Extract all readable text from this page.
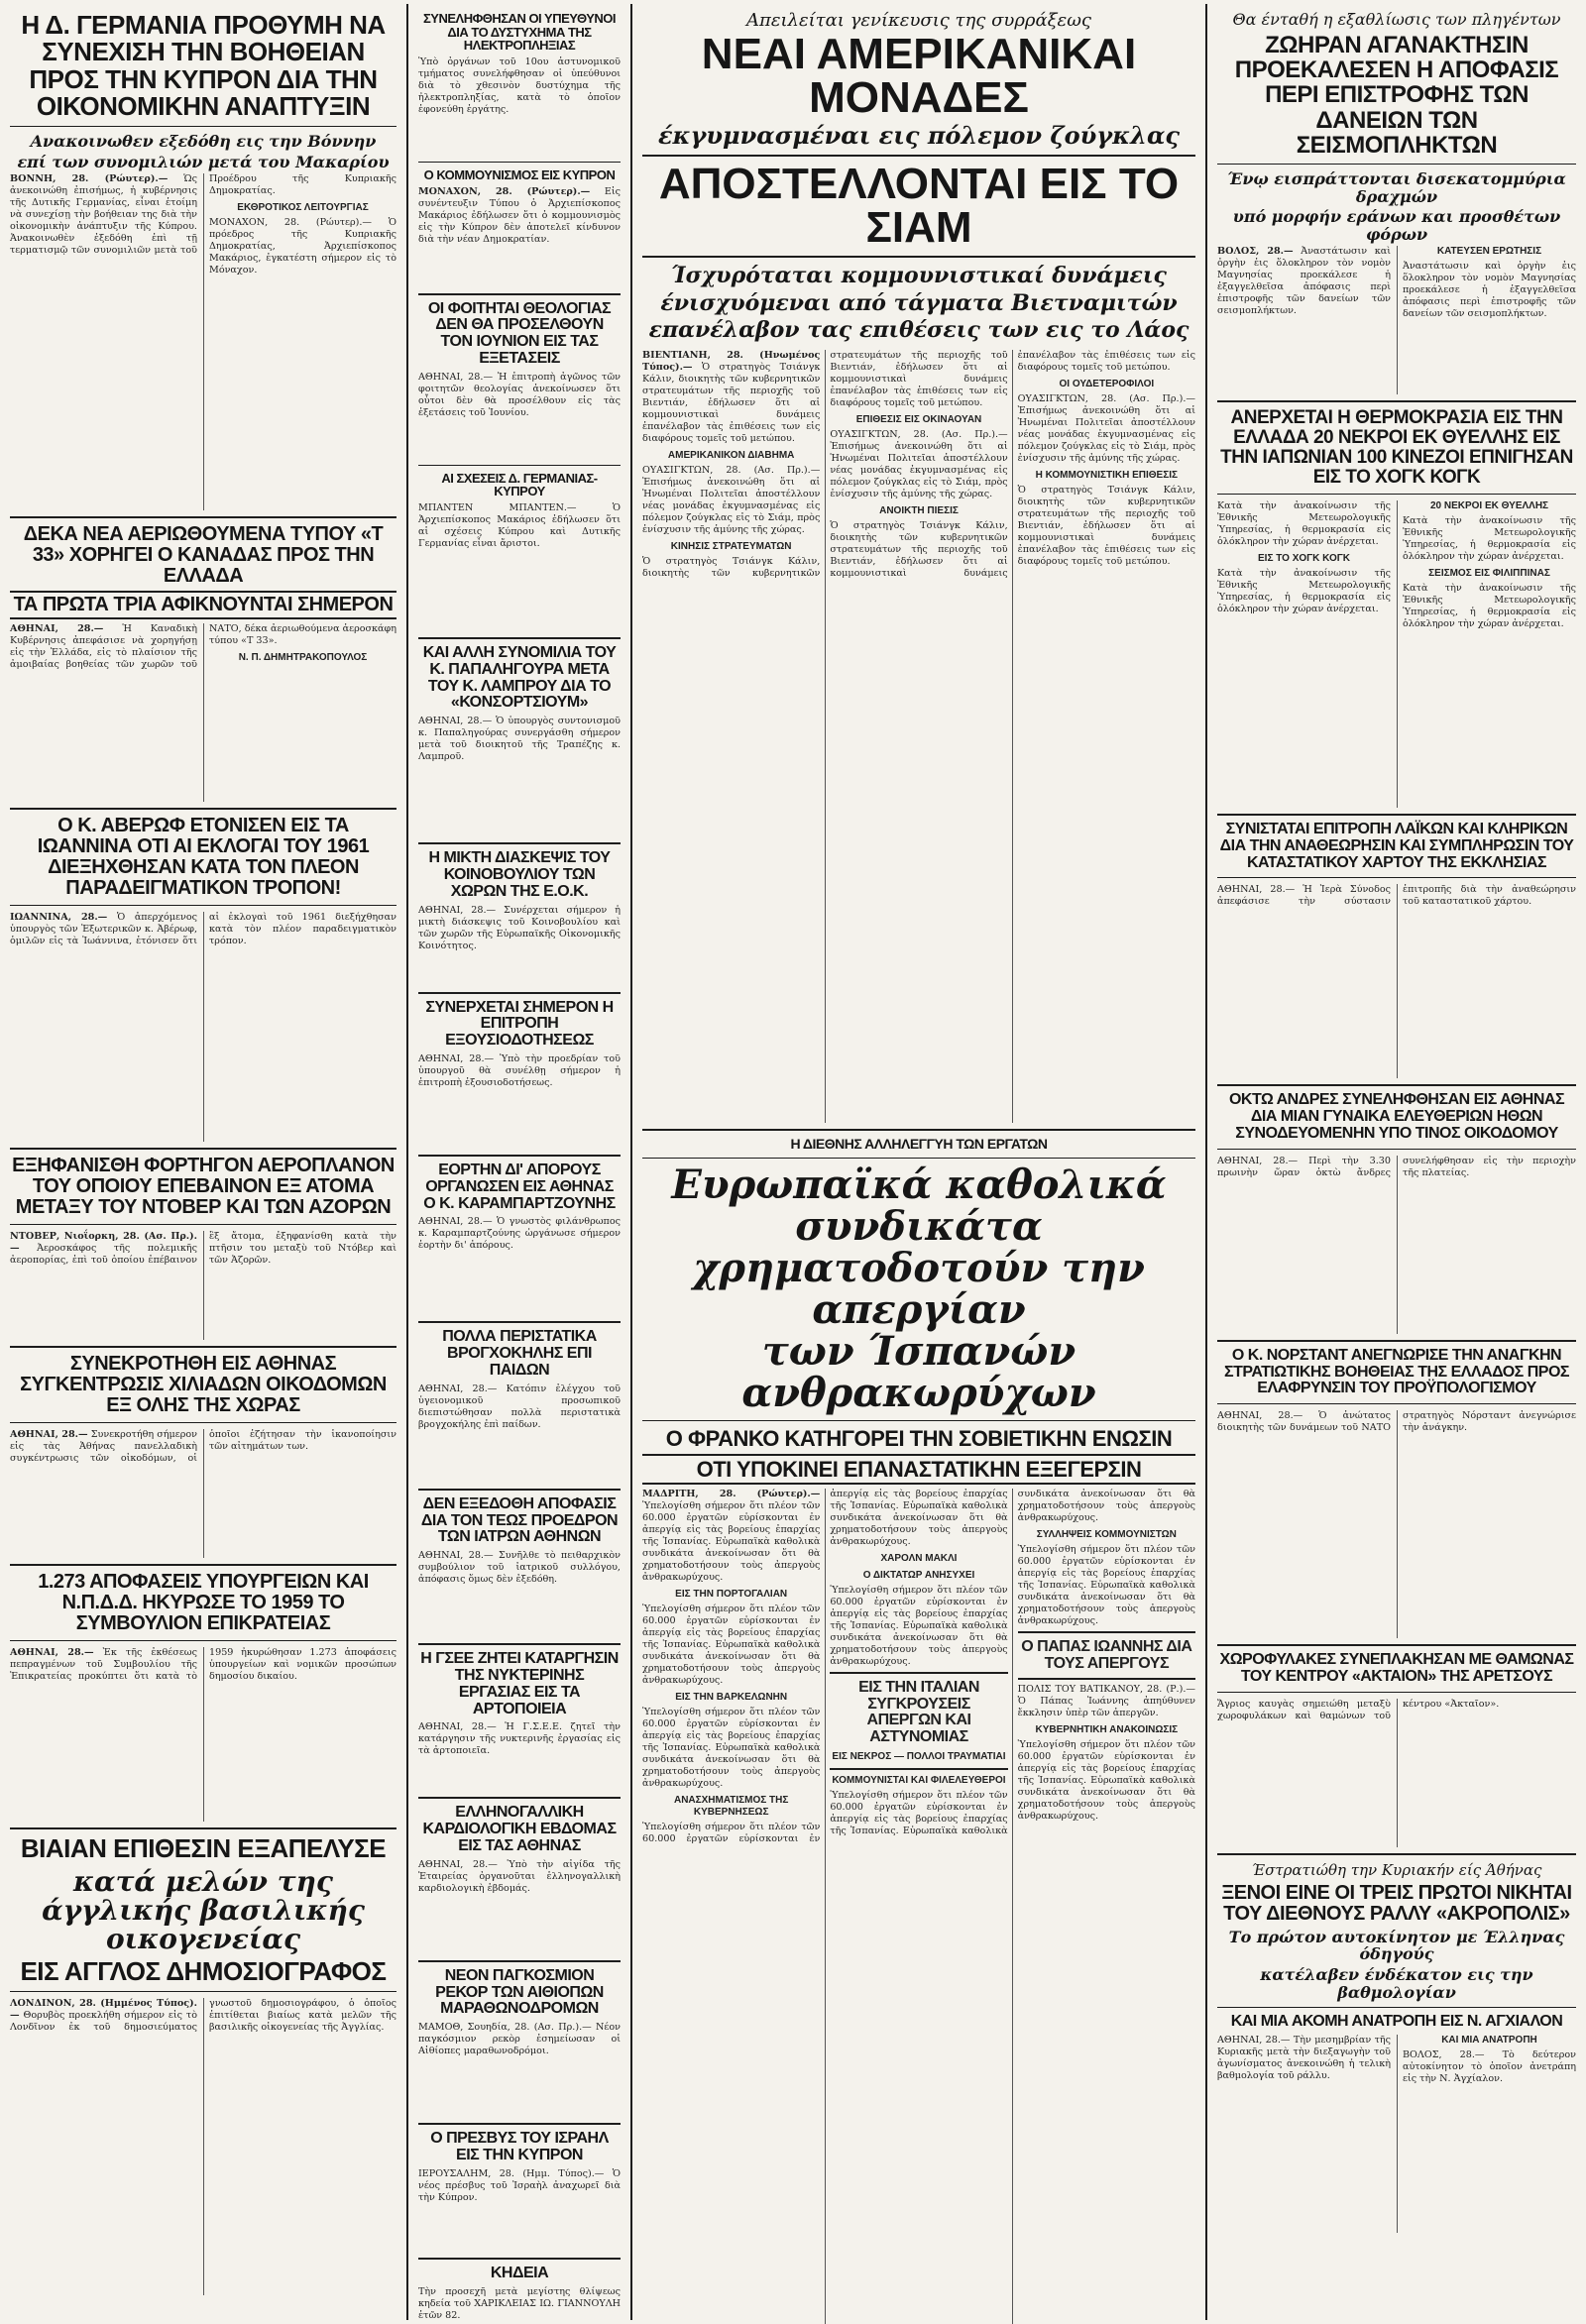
Η Δ. ΓΕΡΜΑΝΙΑ ΠΡΟΘΥΜΗ ΝΑ ΣΥΝΕΧΙΣΗ ΤΗΝ ΒΟΗΘΕΙΑΝ ΠΡΟΣ ΤΗΝ ΚΥΠΡΟΝ ΔΙΑ ΤΗΝ ΟΙΚΟΝΟΜΙΚΗΝ ΑΝΑΠΤΥΞΙΝ
Ανακοινωθεν εξεδόθη εις την Βόννην
επί των συνομιλιών μετά του Μακαρίου
ΒΟΝΝΗ, 28. (Ρώυτερ).— Ὡς ἀνεκοινώθη ἐπισήμως, ἡ κυβέρνησις τῆς Δυτικῆς Γερμανίας, εἶναι ἑτοίμη νὰ συνεχίσῃ τὴν βοήθειαν της διὰ τὴν οἰκονομικὴν ἀνάπτυξιν τῆς Κύπρου. Ἀνακοινωθὲν ἐξεδόθη ἐπὶ τῇ τερματισμῷ τῶν συνομιλιῶν μετὰ τοῦ Προέδρου τῆς Κυπριακῆς Δημοκρατίας.
ΕΚΘΡΟΤΙΚΟΣ ΛΕΙΤΟΥΡΓΙΑΣ
ΜΟΝΑΧΟΝ, 28. (Ρώυτερ).— Ὁ πρόεδρος τῆς Κυπριακῆς Δημοκρατίας, Ἀρχιεπίσκοπος Μακάριος, ἐγκατέστη σήμερον εἰς τὸ Μόναχον.
ΔΕΚΑ ΝΕΑ ΑΕΡΙΩΘΟΥΜΕΝΑ ΤΥΠΟΥ «Τ 33» ΧΟΡΗΓΕΙ Ο ΚΑΝΑΔΑΣ ΠΡΟΣ ΤΗΝ ΕΛΛΑΔΑ
ΤΑ ΠΡΩΤΑ ΤΡΙΑ ΑΦΙΚΝΟΥΝΤΑΙ ΣΗΜΕΡΟΝ
ΑΘΗΝΑΙ, 28.— Ἡ Καναδικὴ Κυβέρνησις ἀπεφάσισε νὰ χορηγήσῃ εἰς τὴν Ἑλλάδα, εἰς τὸ πλαίσιον τῆς ἀμοιβαίας βοηθείας τῶν χωρῶν τοῦ ΝΑΤΟ, δέκα ἀεριωθούμενα ἀεροσκάφη τύπου «Τ 33».
Ν. Π. ΔΗΜΗΤΡΑΚΟΠΟΥΛΟΣ
Ο Κ. ΑΒΕΡΩΦ ΕΤΟΝΙΣΕΝ ΕΙΣ ΤΑ ΙΩΑΝΝΙΝΑ ΟΤΙ ΑΙ ΕΚΛΟΓΑΙ ΤΟΥ 1961 ΔΙΕΞΗΧΘΗΣΑΝ ΚΑΤΑ ΤΟΝ ΠΛΕΟΝ ΠΑΡΑΔΕΙΓΜΑΤΙΚΟΝ ΤΡΟΠΟΝ!
ΙΩΑΝΝΙΝΑ, 28.— Ὁ ἀπερχόμενος ὑπουργὸς τῶν Ἐξωτερικῶν κ. Ἀβέρωφ, ὁμιλῶν εἰς τὰ Ἰωάννινα, ἐτόνισεν ὅτι αἱ ἐκλογαὶ τοῦ 1961 διεξήχθησαν κατὰ τὸν πλέον παραδειγματικὸν τρόπον.
ΕΞΗΦΑΝΙΣΘΗ ΦΟΡΤΗΓΟΝ ΑΕΡΟΠΛΑΝΟΝ ΤΟΥ ΟΠΟΙΟΥ ΕΠΕΒΑΙΝΟΝ ΕΞ ΑΤΟΜΑ ΜΕΤΑΞΥ ΤΟΥ ΝΤΟΒΕΡ ΚΑΙ ΤΩΝ ΑΖΟΡΩΝ
ΝΤΟΒΕΡ, Νιοΐορκη, 28. (Ασ. Πρ.).— Ἀεροσκάφος τῆς πολεμικῆς ἀεροπορίας, ἐπὶ τοῦ ὁποίου ἐπέβαινον ἓξ ἄτομα, ἐξηφανίσθη κατὰ τὴν πτῆσιν του μεταξὺ τοῦ Ντόβερ καὶ τῶν Ἀζορῶν.
ΣΥΝΕΚΡΟΤΗΘΗ ΕΙΣ ΑΘΗΝΑΣ ΣΥΓΚΕΝΤΡΩΣΙΣ ΧΙΛΙΑΔΩΝ ΟΙΚΟΔΟΜΩΝ ΕΞ ΟΛΗΣ ΤΗΣ ΧΩΡΑΣ
ΑΘΗΝΑΙ, 28.— Συνεκροτήθη σήμερον εἰς τὰς Ἀθήνας πανελλαδικὴ συγκέντρωσις τῶν οἰκοδόμων, οἱ ὁποῖοι ἐζήτησαν τὴν ἱκανοποίησιν τῶν αἰτημάτων των.
1.273 ΑΠΟΦΑΣΕΙΣ ΥΠΟΥΡΓΕΙΩΝ ΚΑΙ Ν.Π.Δ.Δ. ΗΚΥΡΩΣΕ ΤΟ 1959 ΤΟ ΣΥΜΒΟΥΛΙΟΝ ΕΠΙΚΡΑΤΕΙΑΣ
ΑΘΗΝΑΙ, 28.— Ἐκ τῆς ἐκθέσεως πεπραγμένων τοῦ Συμβουλίου τῆς Ἐπικρατείας προκύπτει ὅτι κατὰ τὸ 1959 ἠκυρώθησαν 1.273 ἀποφάσεις ὑπουργείων καὶ νομικῶν προσώπων δημοσίου δικαίου.
ΒΙΑΙΑΝ ΕΠΙΘΕΣΙΝ ΕΞΑΠΕΛΥΣΕ
κατά μελών της άγγλικής βασιλικής οικογενείας
ΕΙΣ ΑΓΓΛΟΣ ΔΗΜΟΣΙΟΓΡΑΦΟΣ
ΛΟΝΔΙΝΟΝ, 28. (Ημμένος Τύπος).— Θορυβὸς προεκλήθη σήμερον εἰς τὸ Λονδῖνον ἐκ τοῦ δημοσιεύματος γνωστοῦ δημοσιογράφου, ὁ ὁποῖος ἐπιτίθεται βιαίως κατὰ μελῶν τῆς βασιλικῆς οἰκογενείας τῆς Ἀγγλίας.
ΣΥΝΕΛΗΦΘΗΣΑΝ ΟΙ ΥΠΕΥΘΥΝΟΙ ΔΙΑ ΤΟ ΔΥΣΤΥΧΗΜΑ ΤΗΣ ΗΛΕΚΤΡΟΠΛΗΞΙΑΣ
Ὑπὸ ὀργάνων τοῦ 10ου ἀστυνομικοῦ τμήματος συνελήφθησαν οἱ ὑπεύθυνοι διὰ τὸ χθεσινὸν δυστύχημα τῆς ἠλεκτροπληξίας, κατὰ τὸ ὁποῖον ἐφονεύθη ἐργάτης.
Ο ΚΟΜΜΟΥΝΙΣΜΟΣ ΕΙΣ ΚΥΠΡΟΝ
ΜΟΝΑΧΟΝ, 28. (Ρώυτερ).— Εἰς συνέντευξιν Τύπου ὁ Ἀρχιεπίσκοπος Μακάριος ἐδήλωσεν ὅτι ὁ κομμουνισμὸς εἰς τὴν Κύπρον δὲν ἀποτελεῖ κίνδυνον διὰ τὴν νέαν Δημοκρατίαν.
ΟΙ ΦΟΙΤΗΤΑΙ ΘΕΟΛΟΓΙΑΣ ΔΕΝ ΘΑ ΠΡΟΣΕΛΘΟΥΝ ΤΟΝ ΙΟΥΝΙΟΝ ΕΙΣ ΤΑΣ ΕΞΕΤΑΣΕΙΣ
ΑΘΗΝΑΙ, 28.— Ἡ ἐπιτροπὴ ἀγῶνος τῶν φοιτητῶν θεολογίας ἀνεκοίνωσεν ὅτι οὗτοι δὲν θὰ προσέλθουν εἰς τὰς ἐξετάσεις τοῦ Ἰουνίου.
ΑΙ ΣΧΕΣΕΙΣ Δ. ΓΕΡΜΑΝΙΑΣ-ΚΥΠΡΟΥ
ΜΠΑΝΤΕΝ ΜΠΑΝΤΕΝ.— Ὁ Ἀρχιεπίσκοπος Μακάριος ἐδήλωσεν ὅτι αἱ σχέσεις Κύπρου καὶ Δυτικῆς Γερμανίας εἶναι ἄριστοι.
ΚΑΙ ΑΛΛΗ ΣΥΝΟΜΙΛΙΑ ΤΟΥ Κ. ΠΑΠΑΛΗΓΟΥΡΑ ΜΕΤΑ ΤΟΥ Κ. ΛΑΜΠΡΟΥ ΔΙΑ ΤΟ «ΚΟΝΣΟΡΤΣΙΟΥΜ»
ΑΘΗΝΑΙ, 28.— Ὁ ὑπουργὸς συντονισμοῦ κ. Παπαληγούρας συνεργάσθη σήμερον μετὰ τοῦ διοικητοῦ τῆς Τραπέζης κ. Λαμπροῦ.
Η ΜΙΚΤΗ ΔΙΑΣΚΕΨΙΣ ΤΟΥ ΚΟΙΝΟΒΟΥΛΙΟΥ ΤΩΝ ΧΩΡΩΝ ΤΗΣ Ε.Ο.Κ.
ΑΘΗΝΑΙ, 28.— Συνέρχεται σήμερον ἡ μικτὴ διάσκεψις τοῦ Κοινοβουλίου καὶ τῶν χωρῶν τῆς Εὐρωπαϊκῆς Οἰκονομικῆς Κοινότητος.
ΣΥΝΕΡΧΕΤΑΙ ΣΗΜΕΡΟΝ Η ΕΠΙΤΡΟΠΗ ΕΞΟΥΣΙΟΔΟΤΗΣΕΩΣ
ΑΘΗΝΑΙ, 28.— Ὑπὸ τὴν προεδρίαν τοῦ ὑπουργοῦ θὰ συνέλθῃ σήμερον ἡ ἐπιτροπὴ ἐξουσιοδοτήσεως.
ΕΟΡΤΗΝ ΔΙ' ΑΠΟΡΟΥΣ ΟΡΓΑΝΩΣΕΝ ΕΙΣ ΑΘΗΝΑΣ Ο Κ. ΚΑΡΑΜΠΑΡΤΖΟΥΝΗΣ
ΑΘΗΝΑΙ, 28.— Ὁ γνωστὸς φιλάνθρωπος κ. Καραμπαρτζούνης ὠργάνωσε σήμερον ἑορτὴν δι' ἀπόρους.
ΠΟΛΛΑ ΠΕΡΙΣΤΑΤΙΚΑ ΒΡΟΓΧΟΚΗΛΗΣ ΕΠΙ ΠΑΙΔΩΝ
ΑΘΗΝΑΙ, 28.— Κατόπιν ἐλέγχου τοῦ ὑγειονομικοῦ προσωπικοῦ διεπιστώθησαν πολλὰ περιστατικὰ βρογχοκήλης ἐπὶ παίδων.
ΔΕΝ ΕΞΕΔΟΘΗ ΑΠΟΦΑΣΙΣ ΔΙΑ ΤΟΝ ΤΕΩΣ ΠΡΟΕΔΡΟΝ ΤΩΝ ΙΑΤΡΩΝ ΑΘΗΝΩΝ
ΑΘΗΝΑΙ, 28.— Συνῆλθε τὸ πειθαρχικὸν συμβούλιον τοῦ ἰατρικοῦ συλλόγου, ἀπόφασις ὅμως δὲν ἐξεδόθη.
Η ΓΣΕΕ ΖΗΤΕΙ ΚΑΤΑΡΓΗΣΙΝ ΤΗΣ ΝΥΚΤΕΡΙΝΗΣ ΕΡΓΑΣΙΑΣ ΕΙΣ ΤΑ ΑΡΤΟΠΟΙΕΙΑ
ΑΘΗΝΑΙ, 28.— Ἡ Γ.Σ.Ε.Ε. ζητεῖ τὴν κατάργησιν τῆς νυκτερινῆς ἐργασίας εἰς τὰ ἀρτοποιεῖα.
ΕΛΛΗΝΟΓΑΛΛΙΚΗ ΚΑΡΔΙΟΛΟΓΙΚΗ ΕΒΔΟΜΑΣ ΕΙΣ ΤΑΣ ΑΘΗΝΑΣ
ΑΘΗΝΑΙ, 28.— Ὑπὸ τὴν αἰγίδα τῆς Ἑταιρείας ὀργανοῦται ἑλληνογαλλικὴ καρδιολογικὴ ἑβδομάς.
ΝΕΟΝ ΠΑΓΚΟΣΜΙΟΝ ΡΕΚΟΡ ΤΩΝ ΑΙΘΙΟΠΩΝ ΜΑΡΑΘΩΝΟΔΡΟΜΩΝ
ΜΑΜΟΘ, Σουηδία, 28. (Ασ. Πρ.).— Νέον παγκόσμιον ρεκὸρ ἐσημείωσαν οἱ Αἰθίοπες μαραθωνοδρόμοι.
Ο ΠΡΕΣΒΥΣ ΤΟΥ ΙΣΡΑΗΛ ΕΙΣ ΤΗΝ ΚΥΠΡΟΝ
ΙΕΡΟΥΣΑΛΗΜ, 28. (Ημμ. Τύπος).— Ὁ νέος πρέσβυς τοῦ Ἰσραὴλ ἀναχωρεῖ διὰ τὴν Κύπρον.
ΚΗΔΕΙΑ
Τὴν προσεχῆ μετὰ μεγίστης θλίψεως κηδεία τοῦ ΧΑΡΙΚΛΕΙΑΣ ΙΩ. ΓΙΑΝΝΟΥΛΗ ἐτῶν 82.
Απειλείται γενίκευσις της συρράξεως
ΝΕΑΙ ΑΜΕΡΙΚΑΝΙΚΑΙ ΜΟΝΑΔΕΣ
έκγυμνασμέναι εις πόλεμον ζούγκλας
ΑΠΟΣΤΕΛΛΟΝΤΑΙ ΕΙΣ ΤΟ ΣΙΑΜ
Ίσχυρόταται κομμουνιστικαί δυνάμεις
ένισχυόμεναι από τάγματα Βιετναμιτών
επανέλαβον τας επιθέσεις των εις το Λάος
ΒΙΕΝΤΙΑΝΗ, 28. (Ηνωμένος Τύπος).— Ὁ στρατηγὸς Τσιάνγκ Κάλιν, διοικητὴς τῶν κυβερνητικῶν στρατευμάτων τῆς περιοχῆς τοῦ Βιεντιάν, ἐδήλωσεν ὅτι αἱ κομμουνιστικαὶ δυνάμεις ἐπανέλαβον τὰς ἐπιθέσεις των εἰς διαφόρους τομεῖς τοῦ μετώπου.
ΑΜΕΡΙΚΑΝΙΚΟΝ ΔΙΑΒΗΜΑ
ΟΥΑΣΙΓΚΤΩΝ, 28. (Ασ. Πρ.).— Ἐπισήμως ἀνεκοινώθη ὅτι αἱ Ἡνωμέναι Πολιτεῖαι ἀποστέλλουν νέας μονάδας ἐκγυμνασμένας εἰς πόλεμον ζούγκλας εἰς τὸ Σιάμ, πρὸς ἐνίσχυσιν τῆς ἀμύνης τῆς χώρας.
ΚΙΝΗΣΙΣ ΣΤΡΑΤΕΥΜΑΤΩΝ
Ὁ στρατηγὸς Τσιάνγκ Κάλιν, διοικητὴς τῶν κυβερνητικῶν στρατευμάτων τῆς περιοχῆς τοῦ Βιεντιάν, ἐδήλωσεν ὅτι αἱ κομμουνιστικαὶ δυνάμεις ἐπανέλαβον τὰς ἐπιθέσεις των εἰς διαφόρους τομεῖς τοῦ μετώπου.
ΕΠΙΘΕΣΙΣ ΕΙΣ ΟΚΙΝΑΟΥΑΝ
ΟΥΑΣΙΓΚΤΩΝ, 28. (Ασ. Πρ.).— Ἐπισήμως ἀνεκοινώθη ὅτι αἱ Ἡνωμέναι Πολιτεῖαι ἀποστέλλουν νέας μονάδας ἐκγυμνασμένας εἰς πόλεμον ζούγκλας εἰς τὸ Σιάμ, πρὸς ἐνίσχυσιν τῆς ἀμύνης τῆς χώρας.
ΑΝΟΙΚΤΗ ΠΙΕΣΙΣ
Ὁ στρατηγὸς Τσιάνγκ Κάλιν, διοικητὴς τῶν κυβερνητικῶν στρατευμάτων τῆς περιοχῆς τοῦ Βιεντιάν, ἐδήλωσεν ὅτι αἱ κομμουνιστικαὶ δυνάμεις ἐπανέλαβον τὰς ἐπιθέσεις των εἰς διαφόρους τομεῖς τοῦ μετώπου.
ΟΙ ΟΥΔΕΤΕΡΟΦΙΛΟΙ
ΟΥΑΣΙΓΚΤΩΝ, 28. (Ασ. Πρ.).— Ἐπισήμως ἀνεκοινώθη ὅτι αἱ Ἡνωμέναι Πολιτεῖαι ἀποστέλλουν νέας μονάδας ἐκγυμνασμένας εἰς πόλεμον ζούγκλας εἰς τὸ Σιάμ, πρὸς ἐνίσχυσιν τῆς ἀμύνης τῆς χώρας.
Η ΚΟΜΜΟΥΝΙΣΤΙΚΗ ΕΠΙΘΕΣΙΣ
Ὁ στρατηγὸς Τσιάνγκ Κάλιν, διοικητὴς τῶν κυβερνητικῶν στρατευμάτων τῆς περιοχῆς τοῦ Βιεντιάν, ἐδήλωσεν ὅτι αἱ κομμουνιστικαὶ δυνάμεις ἐπανέλαβον τὰς ἐπιθέσεις των εἰς διαφόρους τομεῖς τοῦ μετώπου.
Η ΔΙΕΘΝΗΣ ΑΛΛΗΛΕΓΓΥΗ ΤΩΝ ΕΡΓΑΤΩΝ
Ευρωπαϊκά καθολικά συνδικάτα
χρηματοδοτούν την απεργίαν
των Ίσπανών ανθρακωρύχων
Ο ΦΡΑΝΚΟ ΚΑΤΗΓΟΡΕΙ ΤΗΝ ΣΟΒΙΕΤΙΚΗΝ ΕΝΩΣΙΝ
ΟΤΙ ΥΠΟΚΙΝΕΙ ΕΠΑΝΑΣΤΑΤΙΚΗΝ ΕΞΕΓΕΡΣΙΝ
ΜΑΔΡΙΤΗ, 28. (Ρώυτερ).— Ὑπελογίσθη σήμερον ὅτι πλέον τῶν 60.000 ἐργατῶν εὑρίσκονται ἐν ἀπεργίᾳ εἰς τὰς βορείους ἐπαρχίας τῆς Ἱσπανίας. Εὐρωπαϊκὰ καθολικὰ συνδικάτα ἀνεκοίνωσαν ὅτι θὰ χρηματοδοτήσουν τοὺς ἀπεργοὺς ἀνθρακωρύχους.
ΕΙΣ ΤΗΝ ΠΟΡΤΟΓΑΛΙΑΝ
Ὑπελογίσθη σήμερον ὅτι πλέον τῶν 60.000 ἐργατῶν εὑρίσκονται ἐν ἀπεργίᾳ εἰς τὰς βορείους ἐπαρχίας τῆς Ἱσπανίας. Εὐρωπαϊκὰ καθολικὰ συνδικάτα ἀνεκοίνωσαν ὅτι θὰ χρηματοδοτήσουν τοὺς ἀπεργοὺς ἀνθρακωρύχους.
ΕΙΣ ΤΗΝ ΒΑΡΚΕΛΩΝΗΝ
Ὑπελογίσθη σήμερον ὅτι πλέον τῶν 60.000 ἐργατῶν εὑρίσκονται ἐν ἀπεργίᾳ εἰς τὰς βορείους ἐπαρχίας τῆς Ἱσπανίας. Εὐρωπαϊκὰ καθολικὰ συνδικάτα ἀνεκοίνωσαν ὅτι θὰ χρηματοδοτήσουν τοὺς ἀπεργοὺς ἀνθρακωρύχους.
ΑΝΑΣΧΗΜΑΤΙΣΜΟΣ ΤΗΣ ΚΥΒΕΡΝΗΣΕΩΣ
Ὑπελογίσθη σήμερον ὅτι πλέον τῶν 60.000 ἐργατῶν εὑρίσκονται ἐν ἀπεργίᾳ εἰς τὰς βορείους ἐπαρχίας τῆς Ἱσπανίας. Εὐρωπαϊκὰ καθολικὰ συνδικάτα ἀνεκοίνωσαν ὅτι θὰ χρηματοδοτήσουν τοὺς ἀπεργοὺς ἀνθρακωρύχους.
ΧΑΡΟΛΝ ΜΑΚΛΙ
Ο ΔΙΚΤΑΤΩΡ ΑΝΗΣΥΧΕΙ
Ὑπελογίσθη σήμερον ὅτι πλέον τῶν 60.000 ἐργατῶν εὑρίσκονται ἐν ἀπεργίᾳ εἰς τὰς βορείους ἐπαρχίας τῆς Ἱσπανίας. Εὐρωπαϊκὰ καθολικὰ συνδικάτα ἀνεκοίνωσαν ὅτι θὰ χρηματοδοτήσουν τοὺς ἀπεργοὺς ἀνθρακωρύχους.
ΕΙΣ ΤΗΝ ΙΤΑΛΙΑΝ ΣΥΓΚΡΟΥΣΕΙΣ ΑΠΕΡΓΩΝ ΚΑΙ ΑΣΤΥΝΟΜΙΑΣ
ΕΙΣ ΝΕΚΡΟΣ — ΠΟΛΛΟΙ ΤΡΑΥΜΑΤΙΑΙ
ΚΟΜΜΟΥΝΙΣΤΑΙ ΚΑΙ ΦΙΛΕΛΕΥΘΕΡΟΙ
Ὑπελογίσθη σήμερον ὅτι πλέον τῶν 60.000 ἐργατῶν εὑρίσκονται ἐν ἀπεργίᾳ εἰς τὰς βορείους ἐπαρχίας τῆς Ἱσπανίας. Εὐρωπαϊκὰ καθολικὰ συνδικάτα ἀνεκοίνωσαν ὅτι θὰ χρηματοδοτήσουν τοὺς ἀπεργοὺς ἀνθρακωρύχους.
ΣΥΛΛΗΨΕΙΣ ΚΟΜΜΟΥΝΙΣΤΩΝ
Ὑπελογίσθη σήμερον ὅτι πλέον τῶν 60.000 ἐργατῶν εὑρίσκονται ἐν ἀπεργίᾳ εἰς τὰς βορείους ἐπαρχίας τῆς Ἱσπανίας. Εὐρωπαϊκὰ καθολικὰ συνδικάτα ἀνεκοίνωσαν ὅτι θὰ χρηματοδοτήσουν τοὺς ἀπεργοὺς ἀνθρακωρύχους.
Ο ΠΑΠΑΣ ΙΩΑΝΝΗΣ ΔΙΑ ΤΟΥΣ ΑΠΕΡΓΟΥΣ
ΠΟΛΙΣ ΤΟΥ ΒΑΤΙΚΑΝΟΥ, 28. (Ρ.).— Ὁ Πάπας Ἰωάννης ἀπηύθυνεν ἔκκλησιν ὑπὲρ τῶν ἀπεργῶν.
ΚΥΒΕΡΝΗΤΙΚΗ ΑΝΑΚΟΙΝΩΣΙΣ
Ὑπελογίσθη σήμερον ὅτι πλέον τῶν 60.000 ἐργατῶν εὑρίσκονται ἐν ἀπεργίᾳ εἰς τὰς βορείους ἐπαρχίας τῆς Ἱσπανίας. Εὐρωπαϊκὰ καθολικὰ συνδικάτα ἀνεκοίνωσαν ὅτι θὰ χρηματοδοτήσουν τοὺς ἀπεργοὺς ἀνθρακωρύχους.
Θα ένταθή η εξαθλίωσις των πληγέντων
ΖΩΗΡΑΝ ΑΓΑΝΑΚΤΗΣΙΝ ΠΡΟΕΚΑΛΕΣΕΝ Η ΑΠΟΦΑΣΙΣ ΠΕΡΙ ΕΠΙΣΤΡΟΦΗΣ ΤΩΝ ΔΑΝΕΙΩΝ ΤΩΝ ΣΕΙΣΜΟΠΛΗΚΤΩΝ
Ένῳ εισπράττονται δισεκατομμύρια δραχμών
υπό μορφήν εράνων και προσθέτων φόρων
ΒΟΛΟΣ, 28.— Ἀναστάτωσιν καὶ ὀργὴν ἐις ὅλοκληρον τὸν νομὸν Μαγνησίας προεκάλεσε ἡ ἐξαγγελθεῖσα ἀπόφασις περὶ ἐπιστροφῆς τῶν δανείων τῶν σεισμοπλήκτων.
ΚΑΤΕΥΣΕΝ ΕΡΩΤΗΣΙΣ
Ἀναστάτωσιν καὶ ὀργὴν ἐις ὅλοκληρον τὸν νομὸν Μαγνησίας προεκάλεσε ἡ ἐξαγγελθεῖσα ἀπόφασις περὶ ἐπιστροφῆς τῶν δανείων τῶν σεισμοπλήκτων.
ΑΝΕΡΧΕΤΑΙ Η ΘΕΡΜΟΚΡΑΣΙΑ ΕΙΣ ΤΗΝ ΕΛΛΑΔΑ 20 ΝΕΚΡΟΙ ΕΚ ΘΥΕΛΛΗΣ ΕΙΣ ΤΗΝ ΙΑΠΩΝΙΑΝ 100 ΚΙΝΕΖΟΙ ΕΠΝΙΓΗΣΑΝ ΕΙΣ ΤΟ ΧΟΓΚ ΚΟΓΚ
Κατὰ τὴν ἀνακοίνωσιν τῆς Ἐθνικῆς Μετεωρολογικῆς Ὑπηρεσίας, ἡ θερμοκρασία εἰς ὁλόκληρον τὴν χώραν ἀνέρχεται.
ΕΙΣ ΤΟ ΧΟΓΚ ΚΟΓΚ
Κατὰ τὴν ἀνακοίνωσιν τῆς Ἐθνικῆς Μετεωρολογικῆς Ὑπηρεσίας, ἡ θερμοκρασία εἰς ὁλόκληρον τὴν χώραν ἀνέρχεται.
20 ΝΕΚΡΟΙ ΕΚ ΘΥΕΛΛΗΣ
Κατὰ τὴν ἀνακοίνωσιν τῆς Ἐθνικῆς Μετεωρολογικῆς Ὑπηρεσίας, ἡ θερμοκρασία εἰς ὁλόκληρον τὴν χώραν ἀνέρχεται.
ΣΕΙΣΜΟΣ ΕΙΣ ΦΙΛΙΠΠΙΝΑΣ
Κατὰ τὴν ἀνακοίνωσιν τῆς Ἐθνικῆς Μετεωρολογικῆς Ὑπηρεσίας, ἡ θερμοκρασία εἰς ὁλόκληρον τὴν χώραν ἀνέρχεται.
ΣΥΝΙΣΤΑΤΑΙ ΕΠΙΤΡΟΠΗ ΛΑΪΚΩΝ ΚΑΙ ΚΛΗΡΙΚΩΝ ΔΙΑ ΤΗΝ ΑΝΑΘΕΩΡΗΣΙΝ ΚΑΙ ΣΥΜΠΛΗΡΩΣΙΝ ΤΟΥ ΚΑΤΑΣΤΑΤΙΚΟΥ ΧΑΡΤΟΥ ΤΗΣ ΕΚΚΛΗΣΙΑΣ
ΑΘΗΝΑΙ, 28.— Ἡ Ἱερὰ Σύνοδος ἀπεφάσισε τὴν σύστασιν ἐπιτροπῆς διὰ τὴν ἀναθεώρησιν τοῦ καταστατικοῦ χάρτου.
ΟΚΤΩ ΑΝΔΡΕΣ ΣΥΝΕΛΗΦΘΗΣΑΝ ΕΙΣ ΑΘΗΝΑΣ ΔΙΑ ΜΙΑΝ ΓΥΝΑΙΚΑ ΕΛΕΥΘΕΡΙΩΝ ΗΘΩΝ ΣΥΝΟΔΕΥΟΜΕΝΗΝ ΥΠΟ ΤΙΝΟΣ ΟΙΚΟΔΟΜΟΥ
ΑΘΗΝΑΙ, 28.— Περὶ τὴν 3.30 πρωινὴν ὥραν ὀκτὼ ἄνδρες συνελήφθησαν εἰς τὴν περιοχὴν τῆς πλατείας.
Ο Κ. ΝΟΡΣΤΑΝΤ ΑΝΕΓΝΩΡΙΣΕ ΤΗΝ ΑΝΑΓΚΗΝ ΣΤΡΑΤΙΩΤΙΚΗΣ ΒΟΗΘΕΙΑΣ ΤΗΣ ΕΛΛΑΔΟΣ ΠΡΟΣ ΕΛΑΦΡΥΝΣΙΝ ΤΟΥ ΠΡΟΫΠΟΛΟΓΙΣΜΟΥ
ΑΘΗΝΑΙ, 28.— Ὁ ἀνώτατος διοικητὴς τῶν δυνάμεων τοῦ ΝΑΤΟ στρατηγὸς Νόρσταντ ἀνεγνώρισε τὴν ἀνάγκην.
ΧΩΡΟΦΥΛΑΚΕΣ ΣΥΝΕΠΛΑΚΗΣΑΝ ΜΕ ΘΑΜΩΝΑΣ ΤΟΥ ΚΕΝΤΡΟΥ «ΑΚΤΑΙΟΝ» ΤΗΣ ΑΡΕΤΣΟΥΣ
Ἄγριος καυγὰς σημειώθη μεταξὺ χωροφυλάκων καὶ θαμώνων τοῦ κέντρου «Ἀκταῖον».
Έστρατιώθη την Κυριακήν είς Άθήνας
ΞΕΝΟΙ ΕΙΝΕ ΟΙ ΤΡΕΙΣ ΠΡΩΤΟΙ ΝΙΚΗΤΑΙ ΤΟΥ ΔΙΕΘΝΟΥΣ ΡΑΛΛΥ «ΑΚΡΟΠΟΛΙΣ»
Το πρώτον αυτοκίνητον με Έλληνας όδηγούς
κατέλαβεν ένδέκατον εις την βαθμολογίαν
ΚΑΙ ΜΙΑ ΑΚΟΜΗ ΑΝΑΤΡΟΠΗ ΕΙΣ Ν. ΑΓΧΙΑΛΟΝ
ΑΘΗΝΑΙ, 28.— Τὴν μεσημβρίαν τῆς Κυριακῆς μετὰ τὴν διεξαγωγὴν τοῦ ἀγωνίσματος ἀνεκοινώθη ἡ τελικὴ βαθμολογία τοῦ ράλλυ.
ΚΑΙ ΜΙΑ ΑΝΑΤΡΟΠΗ
ΒΟΛΟΣ, 28.— Τὸ δεύτερον αὐτοκίνητον τὸ ὁποῖον ἀνετράπη εἰς τὴν Ν. Ἀγχίαλον.
